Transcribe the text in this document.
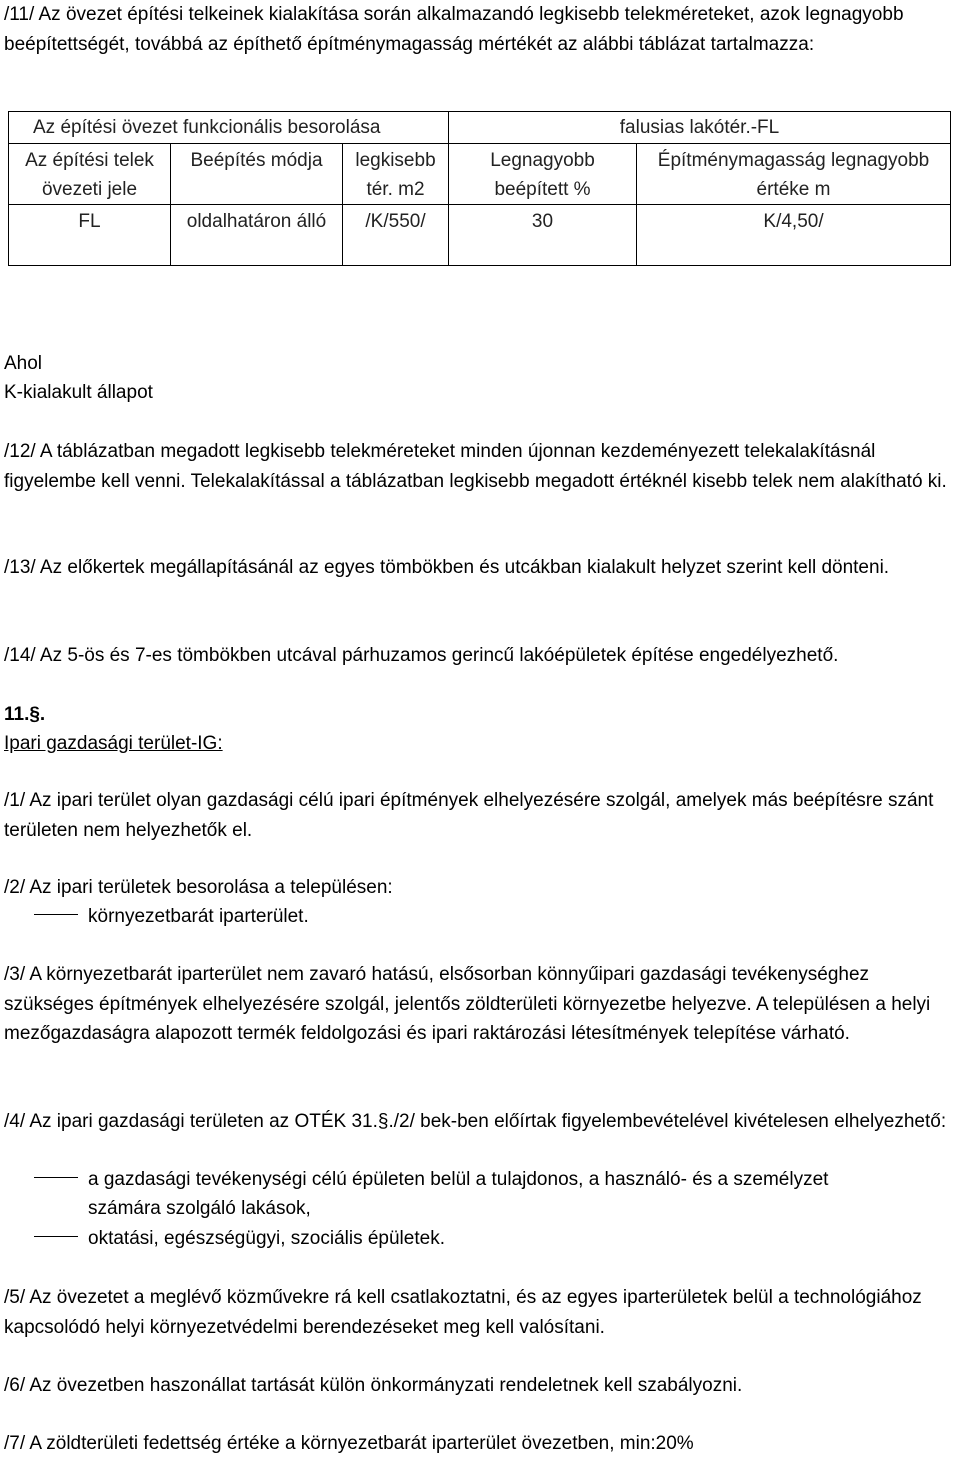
/11/ Az övezet építési telkeinek kialakítása során alkalmazandó legkisebb telekméreteket, azok legnagyobb beépítettségét, továbbá az építhető építménymagasság mértékét az alábbi táblázat tartalmazza:

Az építési övezet funkcionális besorolása			falusias lakótér.-FL	
Az építési telek övezeti jele	Beépítés módja	legkisebb tér. m2	Legnagyobb beépített %	Építménymagasság legnagyobb értéke m
FL	oldalhatáron álló	/K/550/	30	K/4,50/

Ahol

K-kialakult állapot

/12/ A táblázatban megadott legkisebb telekméreteket minden újonnan kezdeményezett telekalakításnál figyelembe kell venni. Telekalakítással a táblázatban legkisebb megadott értéknél kisebb telek nem alakítható ki.

/13/ Az előkertek megállapításánál az egyes tömbökben és utcákban kialakult helyzet szerint kell dönteni.

/14/ Az 5-ös és 7-es tömbökben utcával párhuzamos gerincű lakóépületek építése engedélyezhető.

11.§.

Ipari gazdasági terület-IG:

/1/ Az ipari terület olyan gazdasági célú ipari építmények elhelyezésére szolgál, amelyek más beépítésre szánt területen nem helyezhetők el.

/2/ Az ipari területek besorolása a településen:

környezetbarát iparterület.

/3/ A környezetbarát iparterület nem zavaró hatású, elsősorban könnyűipari gazdasági tevékenységhez szükséges építmények elhelyezésére szolgál, jelentős zöldterületi környezetbe helyezve. A településen a helyi mezőgazdaságra alapozott termék feldolgozási és ipari raktározási létesítmények telepítése várható.

/4/ Az ipari gazdasági területen az OTÉK 31.§./2/ bek-ben előírtak figyelembevételével kivételesen elhelyezhető:

a gazdasági tevékenységi célú épületen belül a tulajdonos, a használó- és a személyzet

számára szolgáló lakások,

oktatási, egészségügyi, szociális épületek.

/5/ Az övezetet a meglévő közművekre rá kell csatlakoztatni, és az egyes iparterületek belül a technológiához kapcsolódó helyi környezetvédelmi berendezéseket meg kell valósítani.

/6/ Az övezetben haszonállat tartását külön önkormányzati rendeletnek kell szabályozni.

/7/ A zöldterületi fedettség értéke a környezetbarát iparterület övezetben, min:20%
